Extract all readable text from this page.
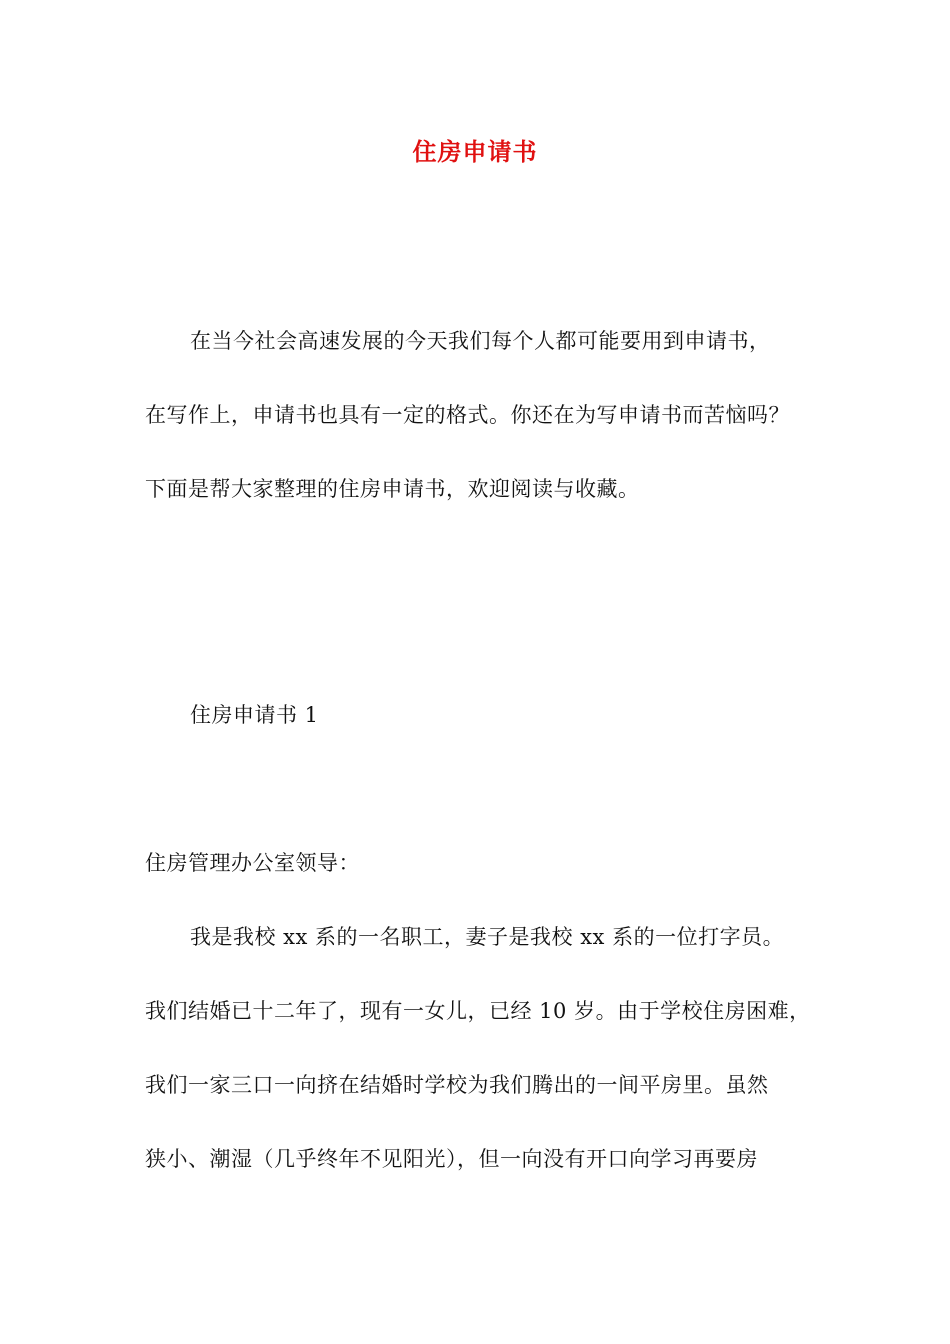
住房申请书
在当今社会高速发展的今天我们每个人都可能要用到申请书，
在写作上，申请书也具有一定的格式。你还在为写申请书而苦恼吗？
下面是帮大家整理的住房申请书，欢迎阅读与收藏。
住房申请书 1
住房管理办公室领导：
我是我校 xx 系的一名职工，妻子是我校 xx 系的一位打字员。
我们结婚已十二年了，现有一女儿，已经 10 岁。由于学校住房困难，
我们一家三口一向挤在结婚时学校为我们腾出的一间平房里。虽然
狭小、潮湿（几乎终年不见阳光），但一向没有开口向学习再要房
